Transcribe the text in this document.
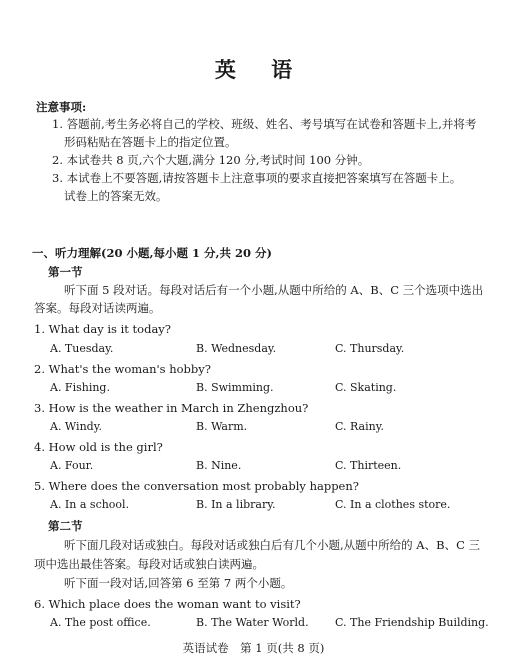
英 语
注意事项:
1. 答题前,考生务必将自己的学校、班级、姓名、考号填写在试卷和答题卡上,并将考
形码粘贴在答题卡上的指定位置。
2. 本试卷共 8 页,六个大题,满分 120 分,考试时间 100 分钟。
3. 本试卷上不要答题,请按答题卡上注意事项的要求直接把答案填写在答题卡上。
试卷上的答案无效。
一、听力理解(20 小题,每小题 1 分,共 20 分)
第一节
听下面 5 段对话。每段对话后有一个小题,从题中所给的 A、B、C 三个选项中选出
答案。每段对话读两遍。
1. What day is it today?
A. Tuesday.	B. Wednesday.	C. Thursday.
2. What's the woman's hobby?
A. Fishing.	B. Swimming.	C. Skating.
3. How is the weather in March in Zhengzhou?
A. Windy.	B. Warm.	C. Rainy.
4. How old is the girl?
A. Four.	B. Nine.	C. Thirteen.
5. Where does the conversation most probably happen?
A. In a school.	B. In a library.	C. In a clothes store.
第二节
听下面几段对话或独白。每段对话或独白后有几个小题,从题中所给的 A、B、C 三
项中选出最佳答案。每段对话或独白读两遍。
听下面一段对话,回答第 6 至第 7 两个小题。
6. Which place does the woman want to visit?
A. The post office.	B. The Water World. C. The Friendship Building.
英语试卷　第 1 页(共 8 页)
